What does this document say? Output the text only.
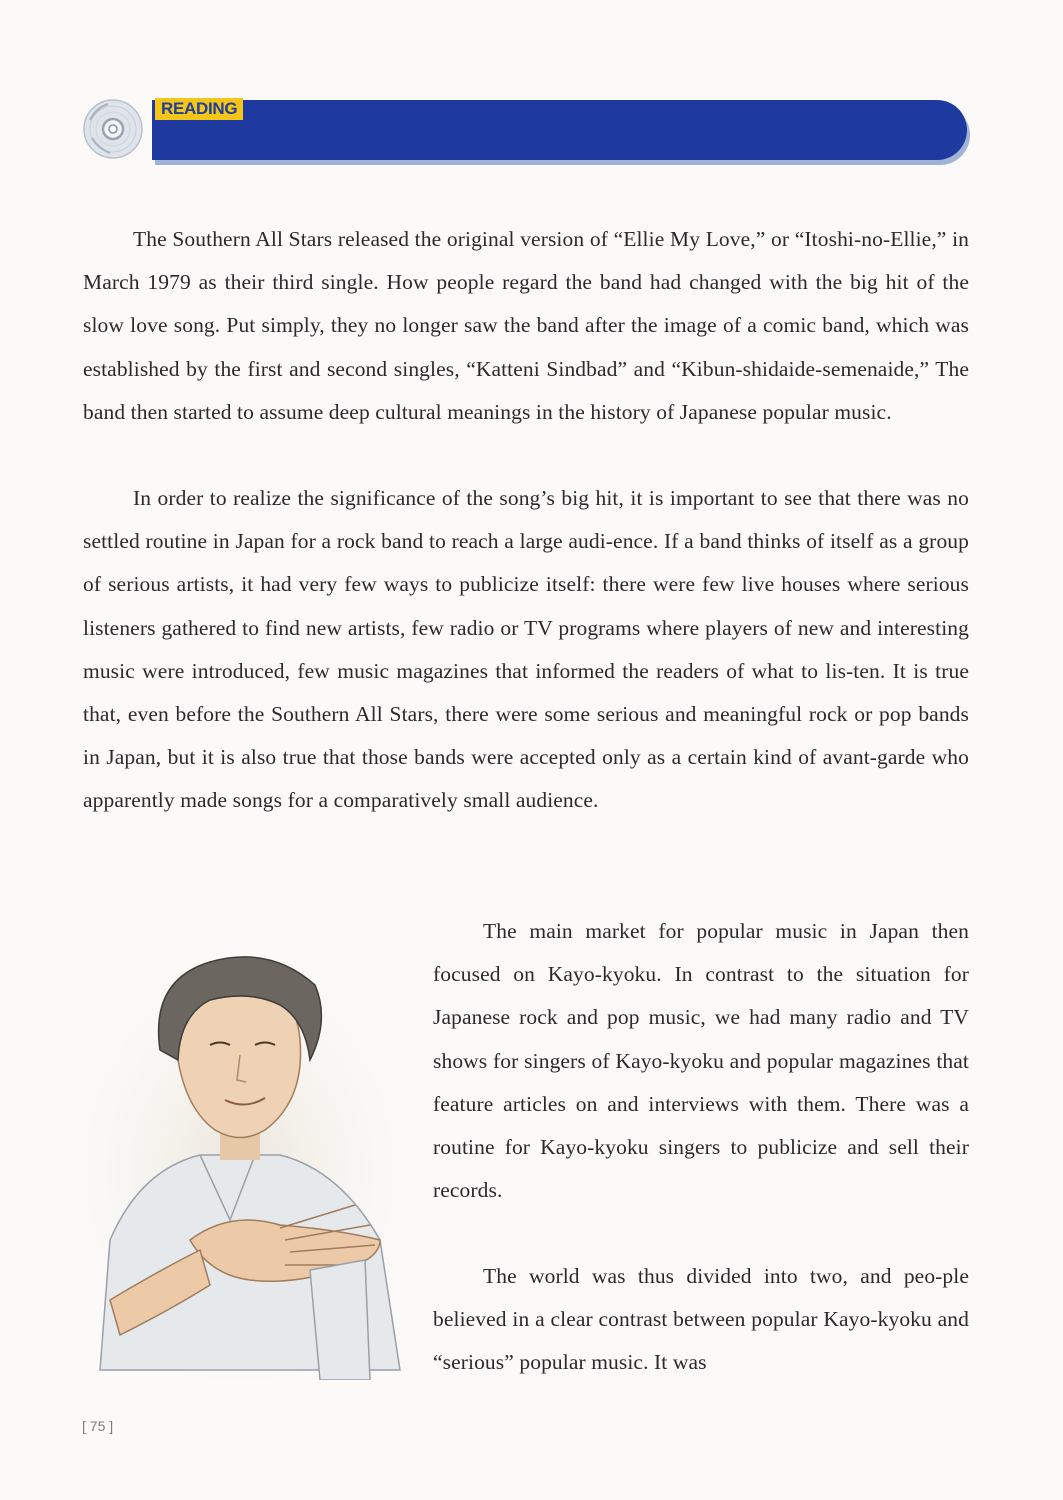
READING

The Southern All Stars released the original version of “Ellie My Love,” or “Itoshi-no-Ellie,” in March 1979 as their third single. How people regard the band had changed with the big hit of the slow love song. Put simply, they no longer saw the band after the image of a comic band, which was established by the first and second singles, “Katteni Sindbad” and “Kibun-shidaide-semenaide,” The band then started to assume deep cultural meanings in the history of Japanese popular music.

In order to realize the significance of the song’s big hit, it is important to see that there was no settled routine in Japan for a rock band to reach a large audi-ence. If a band thinks of itself as a group of serious artists, it had very few ways to publicize itself: there were few live houses where serious listeners gathered to find new artists, few radio or TV programs where players of new and interesting music were introduced, few music magazines that informed the readers of what to lis-ten. It is true that, even before the Southern All Stars, there were some serious and meaningful rock or pop bands in Japan, but it is also true that those bands were accepted only as a certain kind of avant-garde who apparently made songs for a comparatively small audience.

The main market for popular music in Japan then focused on Kayo-kyoku. In contrast to the situation for Japanese rock and pop music, we had many radio and TV shows for singers of Kayo-kyoku and popular magazines that feature articles on and interviews with them. There was a routine for Kayo-kyoku singers to publicize and sell their records.

The world was thus divided into two, and peo-ple believed in a clear contrast between popular Kayo-kyoku and “serious” popular music. It was

[ 75 ]
